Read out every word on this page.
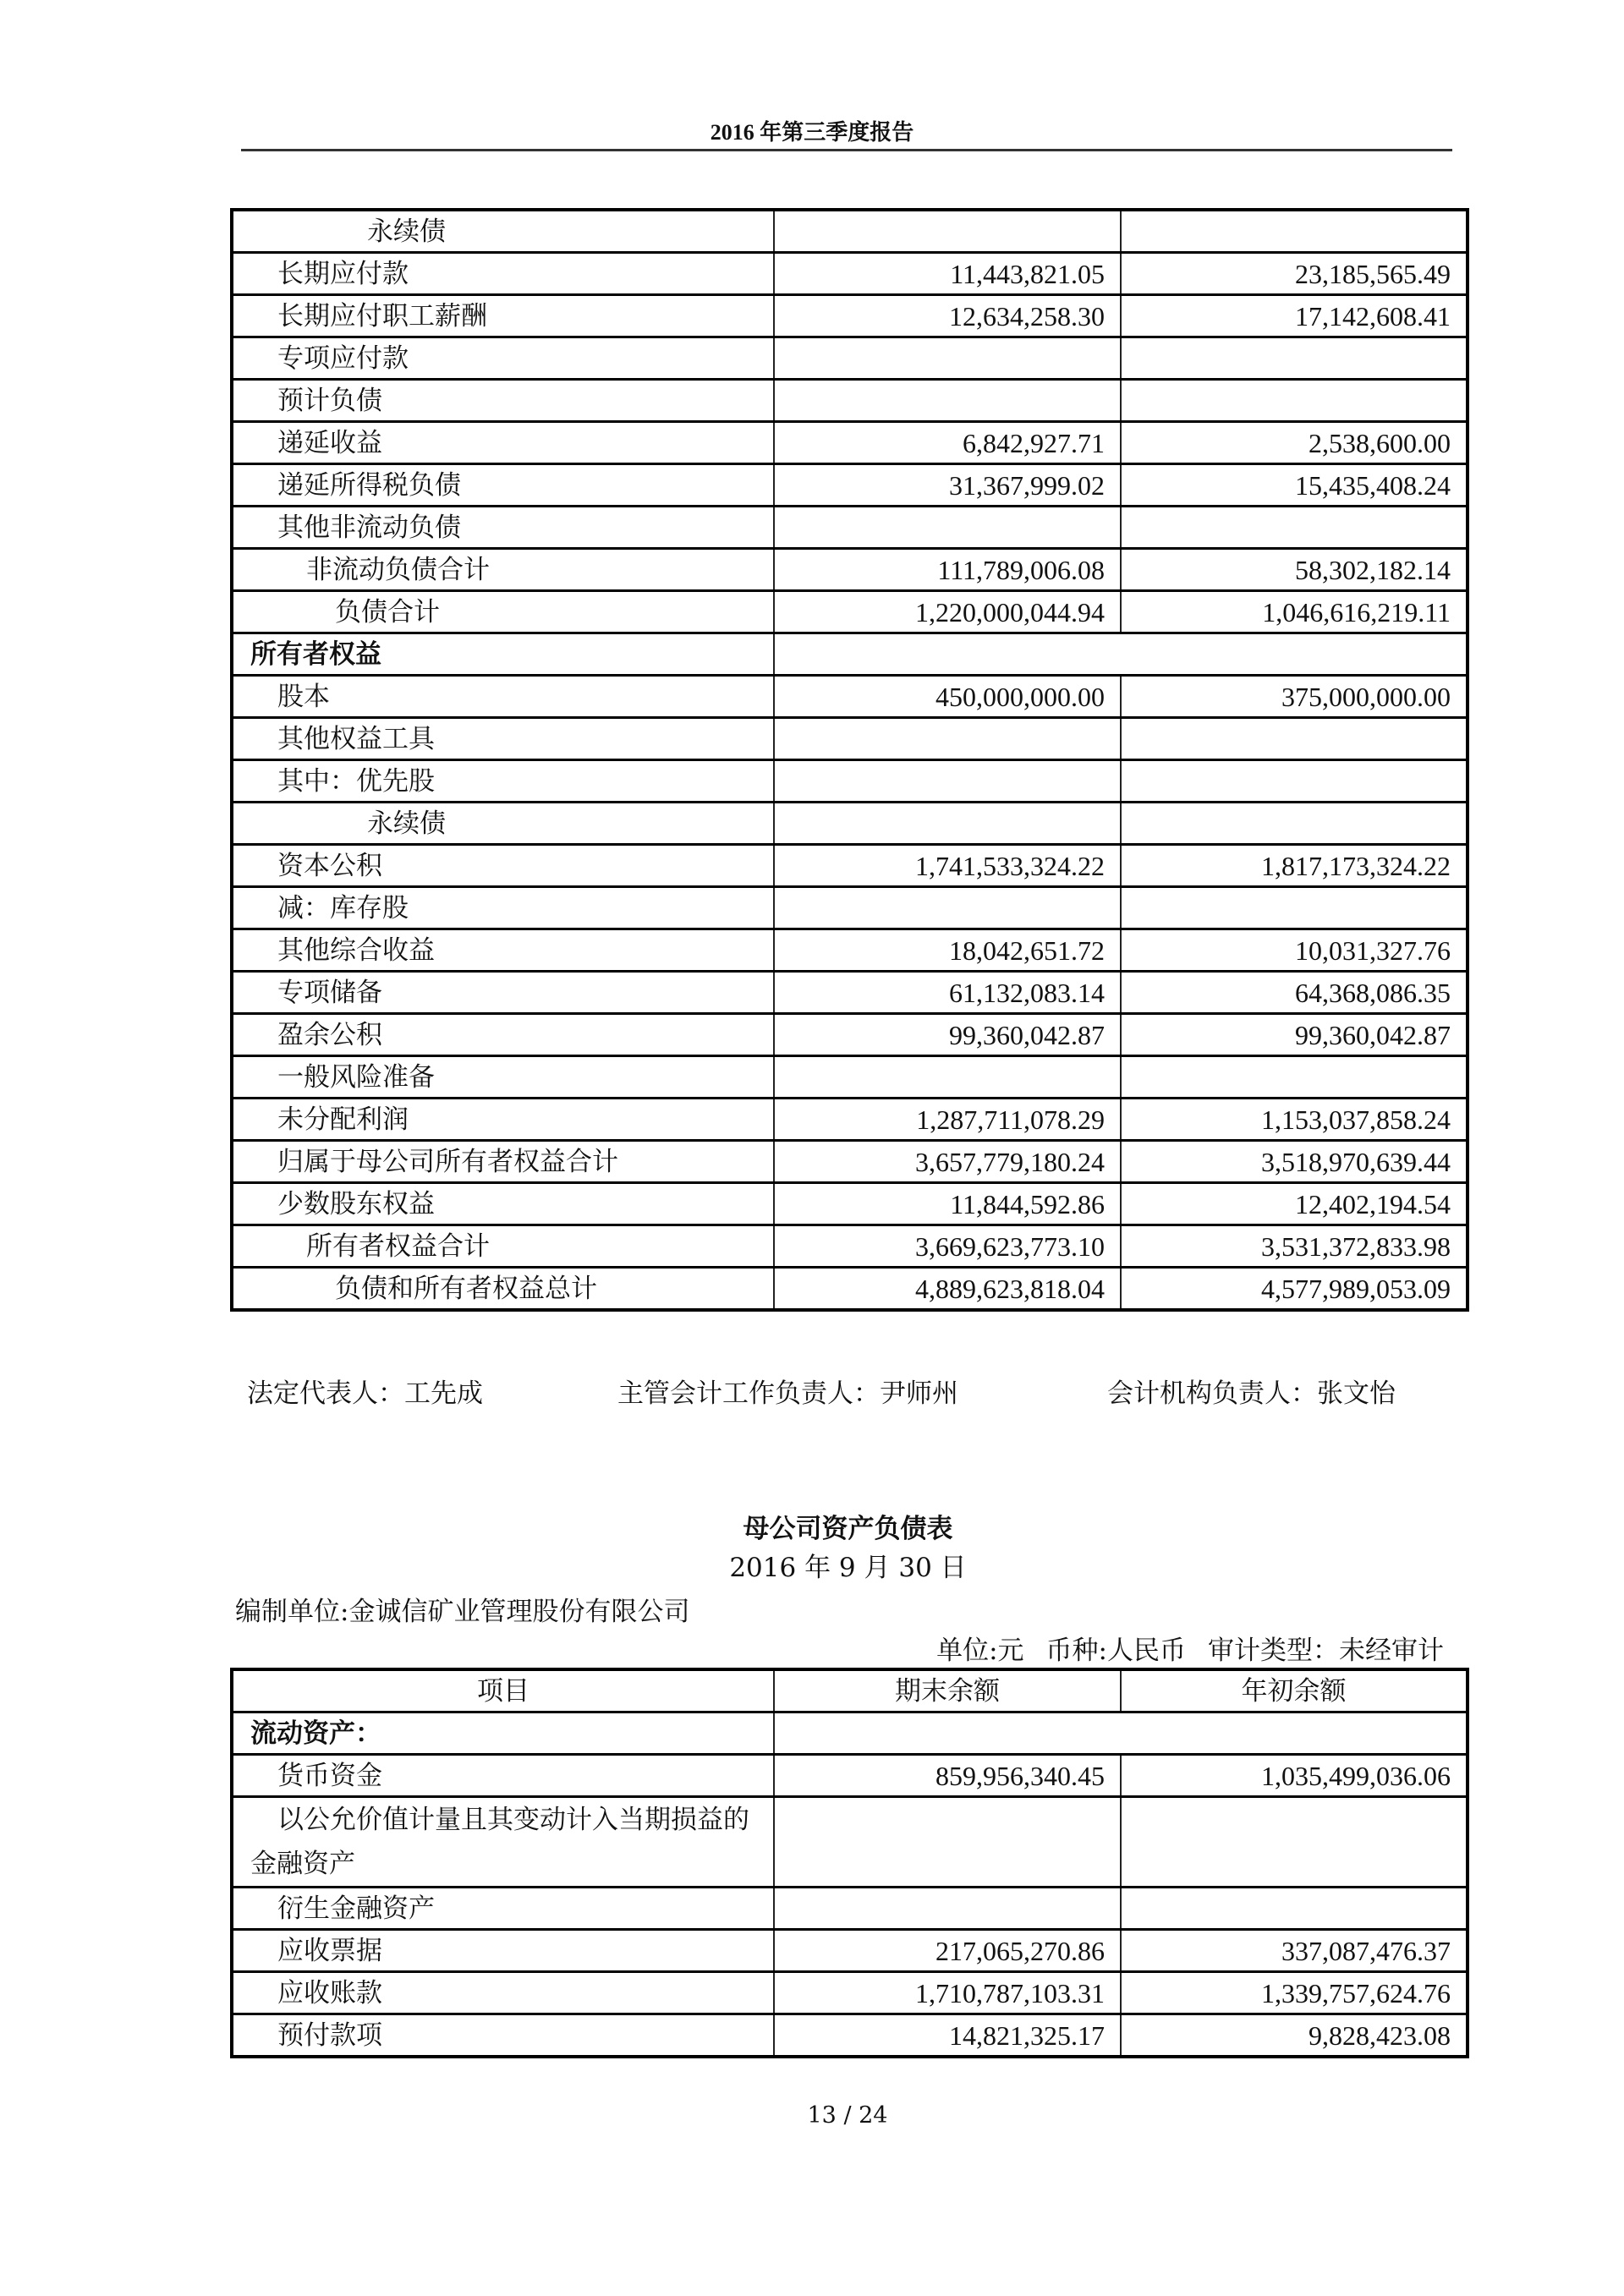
2016 年第三季度报告
永续债		
长期应付款	11,443,821.05	23,185,565.49
长期应付职工薪酬	12,634,258.30	17,142,608.41
专项应付款		
预计负债		
递延收益	6,842,927.71	2,538,600.00
递延所得税负债	31,367,999.02	15,435,408.24
其他非流动负债		
非流动负债合计	111,789,006.08	58,302,182.14
负债合计	1,220,000,044.94	1,046,616,219.11
所有者权益		
股本	450,000,000.00	375,000,000.00
其他权益工具		
其中：优先股		
永续债		
资本公积	1,741,533,324.22	1,817,173,324.22
减：库存股		
其他综合收益	18,042,651.72	10,031,327.76
专项储备	61,132,083.14	64,368,086.35
盈余公积	99,360,042.87	99,360,042.87
一般风险准备		
未分配利润	1,287,711,078.29	1,153,037,858.24
归属于母公司所有者权益合计	3,657,779,180.24	3,518,970,639.44
少数股东权益	11,844,592.86	12,402,194.54
所有者权益合计	3,669,623,773.10	3,531,372,833.98
负债和所有者权益总计	4,889,623,818.04	4,577,989,053.09
法定代表人：工先成	主管会计工作负责人：尹师州	会计机构负责人：张文怡
母公司资产负债表
2016 年 9 月 30 日
编制单位:金诚信矿业管理股份有限公司
单位:元 币种:人民币 审计类型：未经审计
项目	期末余额	年初余额
流动资产：		
货币资金	859,956,340.45	1,035,499,036.06

以公允价值计量且其变动计入当期损益的金融资产		

衍生金融资产		
应收票据	217,065,270.86	337,087,476.37
应收账款	1,710,787,103.31	1,339,757,624.76
预付款项	14,821,325.17	9,828,423.08
13 / 24
